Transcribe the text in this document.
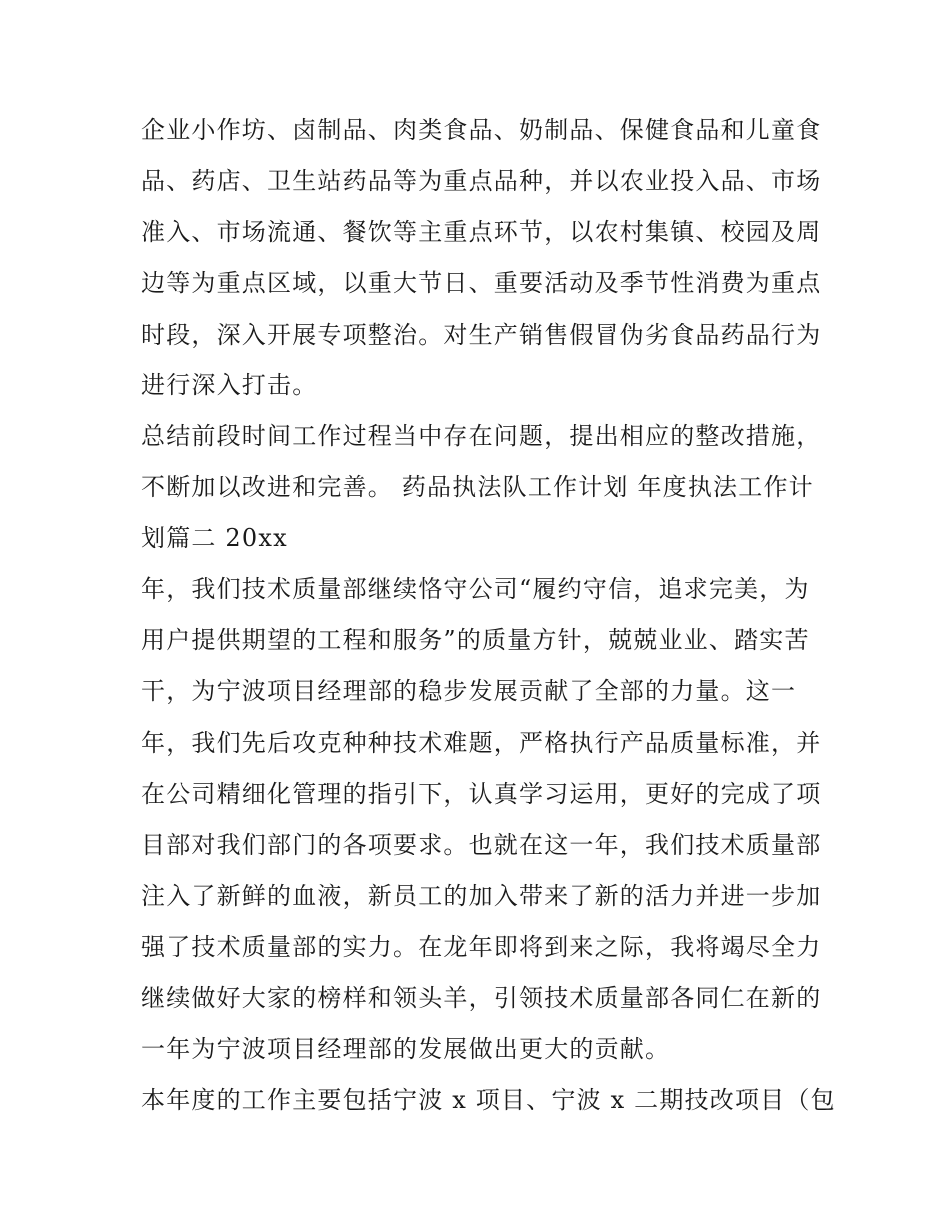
企业小作坊、卤制品、肉类食品、奶制品、保健食品和儿童食
品、药店、卫生站药品等为重点品种，并以农业投入品、市场
准入、市场流通、餐饮等主重点环节，以农村集镇、校园及周
边等为重点区域，以重大节日、重要活动及季节性消费为重点
时段，深入开展专项整治。对生产销售假冒伪劣食品药品行为
进行深入打击。
总结前段时间工作过程当中存在问题，提出相应的整改措施，
不断加以改进和完善。 药品执法队工作计划 年度执法工作计
划篇二 20xx
年，我们技术质量部继续恪守公司“履约守信，追求完美，为
用户提供期望的工程和服务”的质量方针，兢兢业业、踏实苦
干，为宁波项目经理部的稳步发展贡献了全部的力量。这一
年，我们先后攻克种种技术难题，严格执行产品质量标准，并
在公司精细化管理的指引下，认真学习运用，更好的完成了项
目部对我们部门的各项要求。也就在这一年，我们技术质量部
注入了新鲜的血液，新员工的加入带来了新的活力并进一步加
强了技术质量部的实力。在龙年即将到来之际，我将竭尽全力
继续做好大家的榜样和领头羊，引领技术质量部各同仁在新的
一年为宁波项目经理部的发展做出更大的贡献。
本年度的工作主要包括宁波 x 项目、宁波 x 二期技改项目（包
